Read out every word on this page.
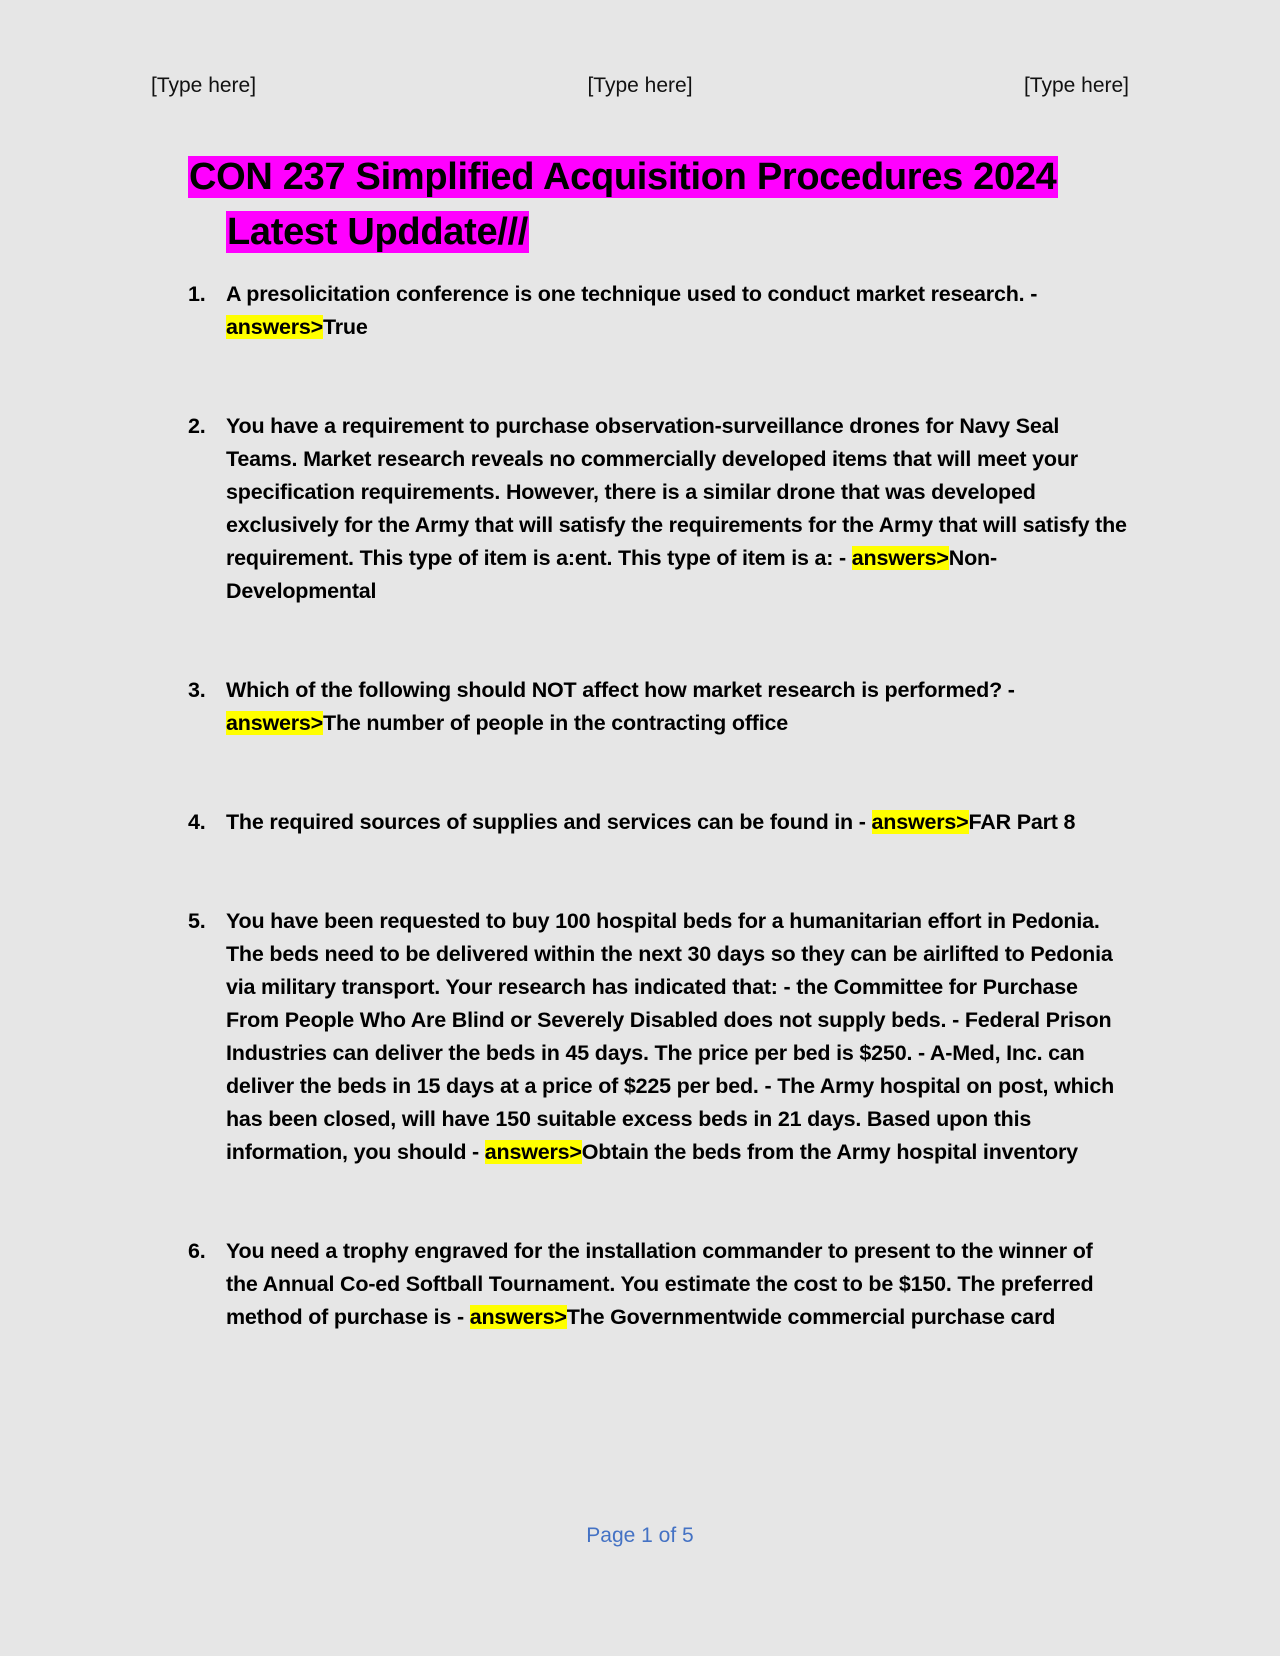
[Type here]	[Type here]	[Type here]
CON 237 Simplified Acquisition Procedures 2024
Latest Upddate///
1. A presolicitation conference is one technique used to conduct market research. - answers>True
2. You have a requirement to purchase observation-surveillance drones for Navy Seal Teams. Market research reveals no commercially developed items that will meet your specification requirements. However, there is a similar drone that was developed exclusively for the Army that will satisfy the requirements for the Army that will satisfy the requirement. This type of item is a:ent. This type of item is a: - answers>Non-Developmental
3. Which of the following should NOT affect how market research is performed? - answers>The number of people in the contracting office
4. The required sources of supplies and services can be found in - answers>FAR Part 8
5. You have been requested to buy 100 hospital beds for a humanitarian effort in Pedonia. The beds need to be delivered within the next 30 days so they can be airlifted to Pedonia via military transport. Your research has indicated that: - the Committee for Purchase From People Who Are Blind or Severely Disabled does not supply beds. - Federal Prison Industries can deliver the beds in 45 days. The price per bed is $250. - A-Med, Inc. can deliver the beds in 15 days at a price of $225 per bed. - The Army hospital on post, which has been closed, will have 150 suitable excess beds in 21 days. Based upon this information, you should - answers>Obtain the beds from the Army hospital inventory
6. You need a trophy engraved for the installation commander to present to the winner of the Annual Co-ed Softball Tournament. You estimate the cost to be $150. The preferred method of purchase is - answers>The Governmentwide commercial purchase card
Page 1 of 5
